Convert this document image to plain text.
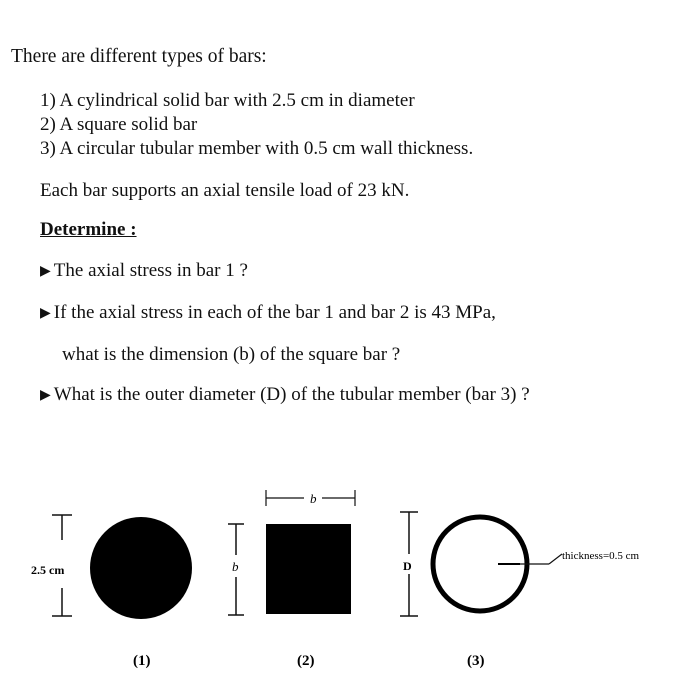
There are different types of bars:
1) A cylindrical solid bar with 2.5 cm in diameter
2) A square solid bar
3) A circular tubular member with 0.5 cm wall thickness.
Each bar supports an axial tensile load of 23 kN.
Determine :
▶ The axial stress in bar 1 ?
▶ If the axial stress in each of the bar 1 and bar 2 is 43 MPa,
what is the dimension (b) of the square bar ?
▶ What is the outer diameter (D) of the tubular member (bar 3) ?
2.5 cm
(1)
b
b
(2)
D
thickness=0.5 cm
(3)
